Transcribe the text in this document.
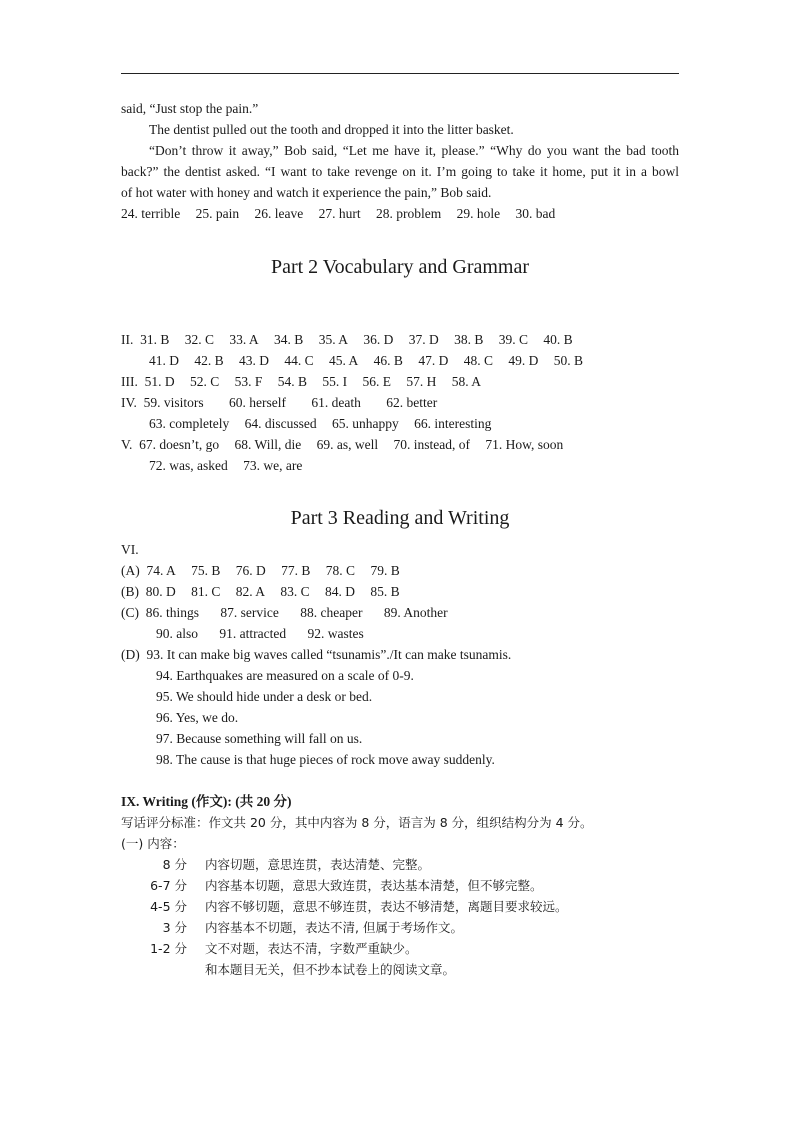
said, “Just stop the pain.”
The dentist pulled out the tooth and dropped it into the litter basket.
“Don’t throw it away,” Bob said, “Let me have it, please.” “Why do you want the bad tooth
back?” the dentist asked. “I want to take revenge on it. I’m going to take it home, put it in a bowl
of hot water with honey and watch it experience the pain,” Bob said.
24. terrible 25. pain 26. leave 27. hurt 28. problem 29. hole 30. bad
Part 2 Vocabulary and Grammar
II. 31. B 32. C 33. A 34. B 35. A 36. D 37. D 38. B 39. C 40. B
41. D 42. B 43. D 44. C 45. A 46. B 47. D 48. C 49. D 50. B
III. 51. D 52. C 53. F 54. B 55. I 56. E 57. H 58. A
IV. 59. visitors 60. herself 61. death 62. better
63. completely 64. discussed 65. unhappy 66. interesting
V. 67. doesn’t, go 68. Will, die 69. as, well 70. instead, of 71. How, soon
72. was, asked 73. we, are
Part 3 Reading and Writing
VI.
(A) 74. A 75. B 76. D 77. B 78. C 79. B
(B) 80. D 81. C 82. A 83. C 84. D 85. B
(C) 86. things 87. service 88. cheaper 89. Another
90. also 91. attracted 92. wastes
(D) 93. It can make big waves called “tsunamis”./It can make tsunamis.
94. Earthquakes are measured on a scale of 0-9.
95. We should hide under a desk or bed.
96. Yes, we do.
97. Because something will fall on us.
98. The cause is that huge pieces of rock move away suddenly.
IX. Writing (作文): (共 20 分)
写话评分标准：作文共 20 分，其中内容为 8 分，语言为 8 分，组织结构分为 4 分。
(一) 内容：
8 分 内容切题，意思连贯，表达清楚、完整。
6-7 分 内容基本切题，意思大致连贯，表达基本清楚，但不够完整。
4-5 分 内容不够切题，意思不够连贯，表达不够清楚，离题目要求较远。
3 分 内容基本不切题，表达不清, 但属于考场作文。
1-2 分 文不对题，表达不清，字数严重缺少。
和本题目无关，但不抄本试卷上的阅读文章。
